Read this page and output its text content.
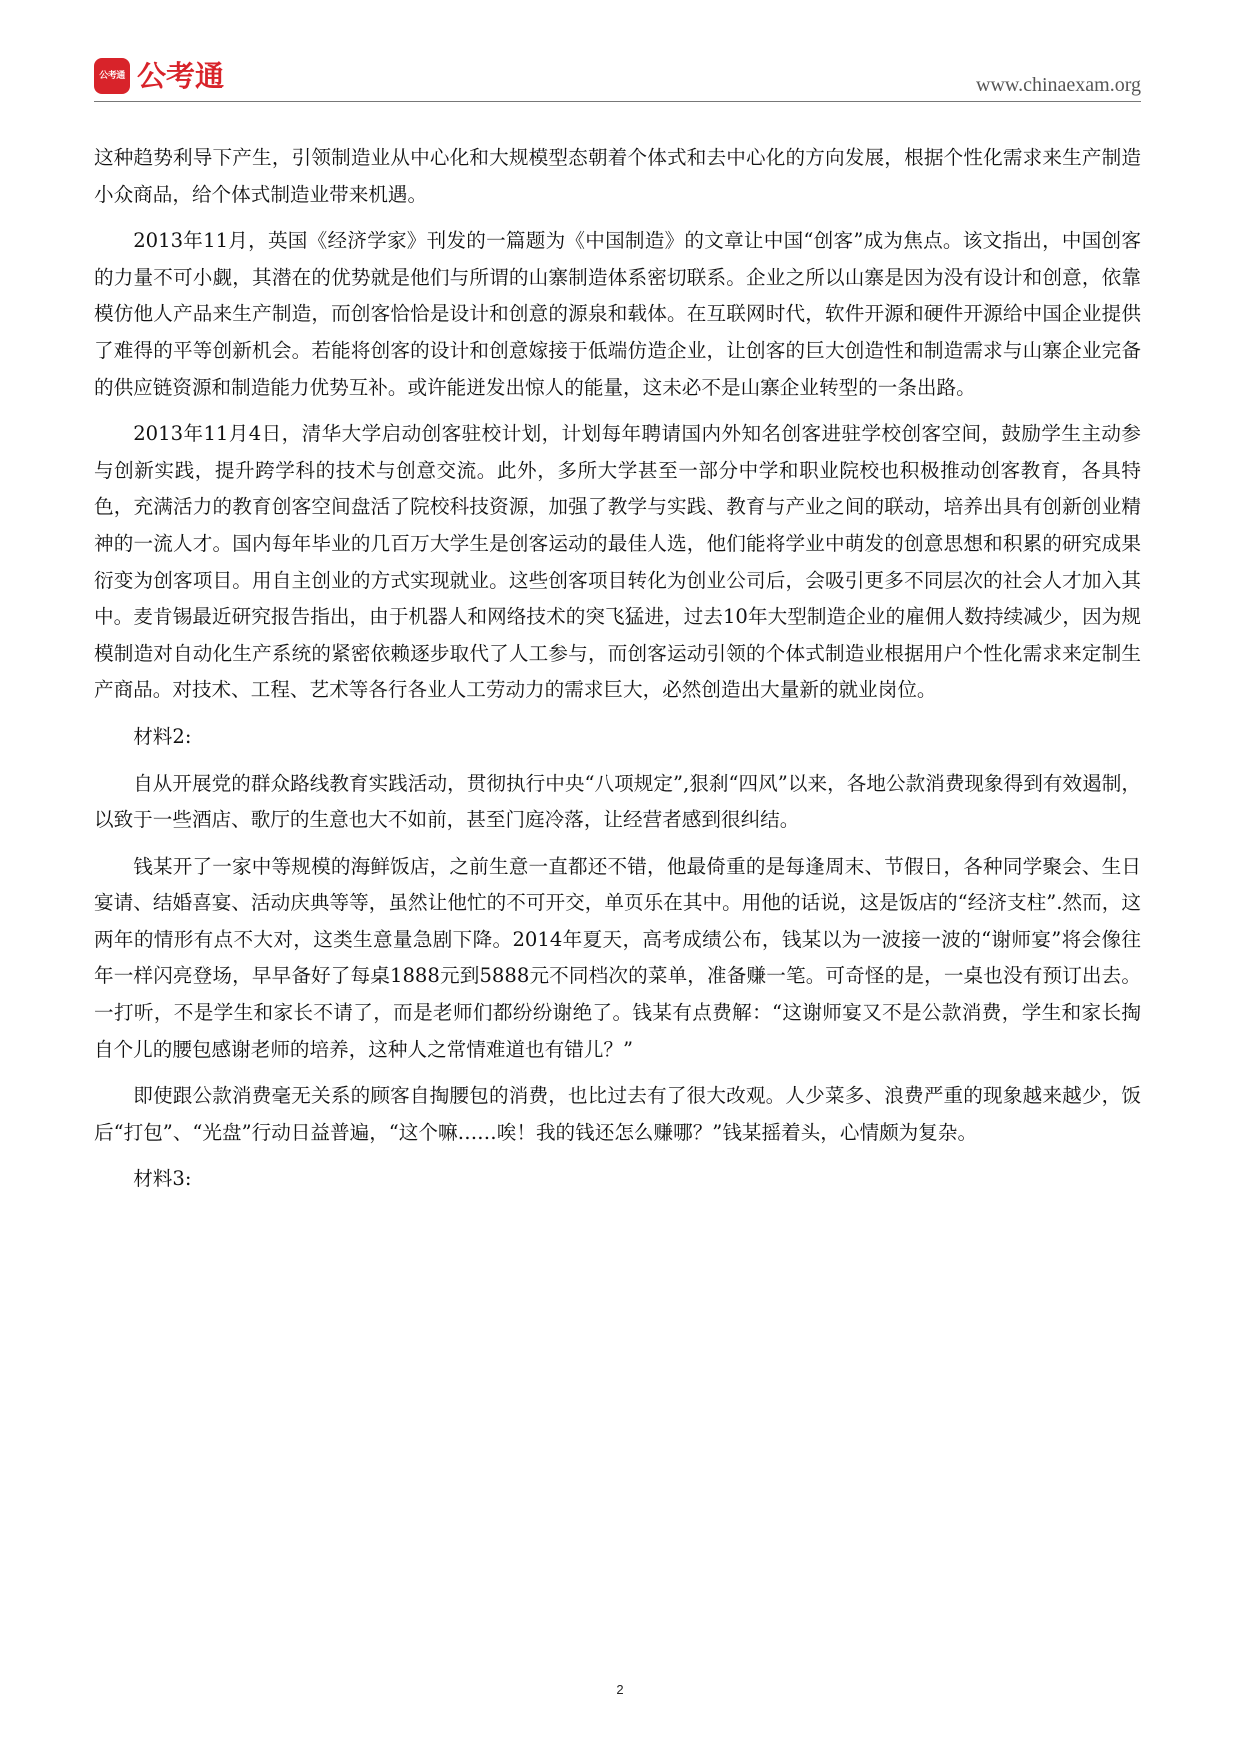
公考通 公考通	www.chinaexam.org

这种趋势利导下产生，引领制造业从中心化和大规模型态朝着个体式和去中心化的方向发展，根据个性化需求来生产制造小众商品，给个体式制造业带来机遇。

2013年11月，英国《经济学家》刊发的一篇题为《中国制造》的文章让中国“创客”成为焦点。该文指出，中国创客的力量不可小觑，其潜在的优势就是他们与所谓的山寨制造体系密切联系。企业之所以山寨是因为没有设计和创意，依靠模仿他人产品来生产制造，而创客恰恰是设计和创意的源泉和载体。在互联网时代，软件开源和硬件开源给中国企业提供了难得的平等创新机会。若能将创客的设计和创意嫁接于低端仿造企业，让创客的巨大创造性和制造需求与山寨企业完备的供应链资源和制造能力优势互补。或许能迸发出惊人的能量，这未必不是山寨企业转型的一条出路。

2013年11月4日，清华大学启动创客驻校计划，计划每年聘请国内外知名创客进驻学校创客空间，鼓励学生主动参与创新实践，提升跨学科的技术与创意交流。此外，多所大学甚至一部分中学和职业院校也积极推动创客教育，各具特色，充满活力的教育创客空间盘活了院校科技资源，加强了教学与实践、教育与产业之间的联动，培养出具有创新创业精神的一流人才。国内每年毕业的几百万大学生是创客运动的最佳人选，他们能将学业中萌发的创意思想和积累的研究成果衍变为创客项目。用自主创业的方式实现就业。这些创客项目转化为创业公司后，会吸引更多不同层次的社会人才加入其中。麦肯锡最近研究报告指出，由于机器人和网络技术的突飞猛进，过去10年大型制造企业的雇佣人数持续减少，因为规模制造对自动化生产系统的紧密依赖逐步取代了人工参与，而创客运动引领的个体式制造业根据用户个性化需求来定制生产商品。对技术、工程、艺术等各行各业人工劳动力的需求巨大，必然创造出大量新的就业岗位。

材料2:

自从开展党的群众路线教育实践活动，贯彻执行中央“八项规定”,狠刹“四风”以来，各地公款消费现象得到有效遏制，以致于一些酒店、歌厅的生意也大不如前，甚至门庭冷落，让经营者感到很纠结。

钱某开了一家中等规模的海鲜饭店，之前生意一直都还不错，他最倚重的是每逢周末、节假日，各种同学聚会、生日宴请、结婚喜宴、活动庆典等等，虽然让他忙的不可开交，单页乐在其中。用他的话说，这是饭店的“经济支柱”.然而，这两年的情形有点不大对，这类生意量急剧下降。2014年夏天，高考成绩公布，钱某以为一波接一波的“谢师宴”将会像往年一样闪亮登场，早早备好了每桌1888元到5888元不同档次的菜单，准备赚一笔。可奇怪的是，一桌也没有预订出去。一打听，不是学生和家长不请了，而是老师们都纷纷谢绝了。钱某有点费解：“这谢师宴又不是公款消费，学生和家长掏自个儿的腰包感谢老师的培养，这种人之常情难道也有错儿？”

即使跟公款消费毫无关系的顾客自掏腰包的消费，也比过去有了很大改观。人少菜多、浪费严重的现象越来越少，饭后“打包”、“光盘”行动日益普遍，“这个嘛……唉！我的钱还怎么赚哪？”钱某摇着头，心情颇为复杂。

材料3:

2
